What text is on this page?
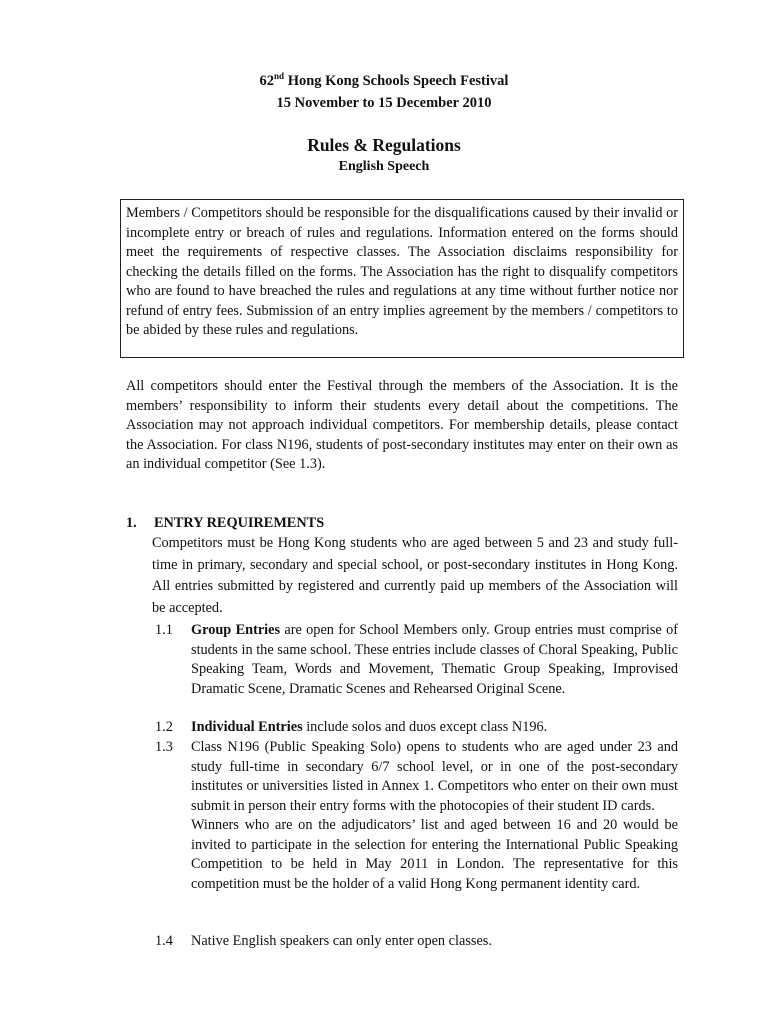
62nd Hong Kong Schools Speech Festival
15 November to 15 December 2010
Rules & Regulations
English Speech
Members / Competitors should be responsible for the disqualifications caused by their invalid or incomplete entry or breach of rules and regulations. Information entered on the forms should meet the requirements of respective classes. The Association disclaims responsibility for checking the details filled on the forms. The Association has the right to disqualify competitors who are found to have breached the rules and regulations at any time without further notice nor refund of entry fees. Submission of an entry implies agreement by the members / competitors to be abided by these rules and regulations.
All competitors should enter the Festival through the members of the Association. It is the members’ responsibility to inform their students every detail about the competitions. The Association may not approach individual competitors. For membership details, please contact the Association. For class N196, students of post-secondary institutes may enter on their own as an individual competitor (See 1.3).
1. ENTRY REQUIREMENTS
Competitors must be Hong Kong students who are aged between 5 and 23 and study full-time in primary, secondary and special school, or post-secondary institutes in Hong Kong. All entries submitted by registered and currently paid up members of the Association will be accepted.
1.1 Group Entries are open for School Members only. Group entries must comprise of students in the same school. These entries include classes of Choral Speaking, Public Speaking Team, Words and Movement, Thematic Group Speaking, Improvised Dramatic Scene, Dramatic Scenes and Rehearsed Original Scene.
1.2 Individual Entries include solos and duos except class N196.
1.3 Class N196 (Public Speaking Solo) opens to students who are aged under 23 and study full-time in secondary 6/7 school level, or in one of the post-secondary institutes or universities listed in Annex 1. Competitors who enter on their own must submit in person their entry forms with the photocopies of their student ID cards.
Winners who are on the adjudicators’ list and aged between 16 and 20 would be invited to participate in the selection for entering the International Public Speaking Competition to be held in May 2011 in London. The representative for this competition must be the holder of a valid Hong Kong permanent identity card.
1.4 Native English speakers can only enter open classes.
